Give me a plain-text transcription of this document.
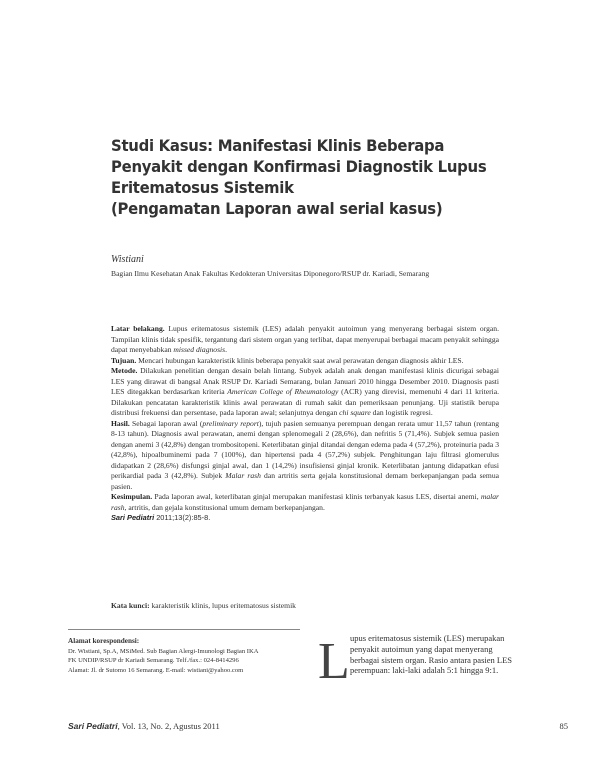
Studi Kasus: Manifestasi Klinis Beberapa
Penyakit dengan Konfirmasi Diagnostik Lupus
Eritematosus Sistemik
(Pengamatan Laporan awal serial kasus)
Wistiani
Bagian Ilmu Kesehatan Anak Fakultas Kedokteran Universitas Diponegoro/RSUP dr. Kariadi, Semarang

Latar belakang. Lupus eritematosus sistemik (LES) adalah penyakit autoimun yang menyerang berbagai sistem organ. Tampilan klinis tidak spesifik, tergantung dari sistem organ yang terlibat, dapat menyerupai berbagai macam penyakit sehingga dapat menyebabkan missed diagnosis.

Tujuan. Mencari hubungan karakteristik klinis beberapa penyakit saat awal perawatan dengan diagnosis akhir LES.

Metode. Dilakukan penelitian dengan desain belah lintang. Subyek adalah anak dengan manifestasi klinis dicurigai sebagai LES yang dirawat di bangsal Anak RSUP Dr. Kariadi Semarang, bulan Januari 2010 hingga Desember 2010. Diagnosis pasti LES ditegakkan berdasarkan kriteria American College of Rheumatology (ACR) yang direvisi, memenuhi 4 dari 11 kriteria. Dilakukan pencatatan karakteristik klinis awal perawatan di rumah sakit dan pemeriksaan penunjang. Uji statistik berupa distribusi frekuensi dan persentase, pada laporan awal; selanjutnya dengan chi square dan logistik regresi.

Hasil. Sebagai laporan awal (preliminary report), tujuh pasien semuanya perempuan dengan rerata umur 11,57 tahun (rentang 8-13 tahun). Diagnosis awal perawatan, anemi dengan splenomegali 2 (28,6%), dan nefritis 5 (71,4%). Subjek semua pasien dengan anemi 3 (42,8%) dengan trombositopeni. Keterlibatan ginjal ditandai dengan edema pada 4 (57,2%), proteinuria pada 3 (42,8%), hipoalbuminemi pada 7 (100%), dan hipertensi pada 4 (57,2%) subjek. Penghitungan laju filtrasi glomerulus didapatkan 2 (28,6%) disfungsi ginjal awal, dan 1 (14,2%) insufisiensi ginjal kronik. Keterlibatan jantung didapatkan efusi perikardial pada 3 (42,8%). Subjek Malar rash dan artritis serta gejala konstitusional demam berkepanjangan pada semua pasien.

Kesimpulan. Pada laporan awal, keterlibatan ginjal merupakan manifestasi klinis terbanyak kasus LES, disertai anemi, malar rash, artritis, dan gejala konstitusional umum demam berkepanjangan.

Sari Pediatri 2011;13(2):85-8.

Kata kunci: karakteristik klinis, lupus eritematosus sistemik
Alamat korespondensi:
Dr. Wistiani, Sp.A, MSiMed. Sub Bagian Alergi-Imunologi Bagian IKA
FK UNDIP/RSUP dr Kariadi Semarang. Telf./fax.: 024-8414296
Alamat: Jl. dr Sutomo 16 Semarang. E-mail: wistiani@yahoo.com	L upus eritematosus sistemik (LES) merupakan
penyakit autoimun yang dapat menyerang
berbagai sistem organ. Rasio antara pasien LES
perempuan: laki-laki adalah 5:1 hingga 9:1.
Sari Pediatri, Vol. 13, No. 2, Agustus 2011	85
